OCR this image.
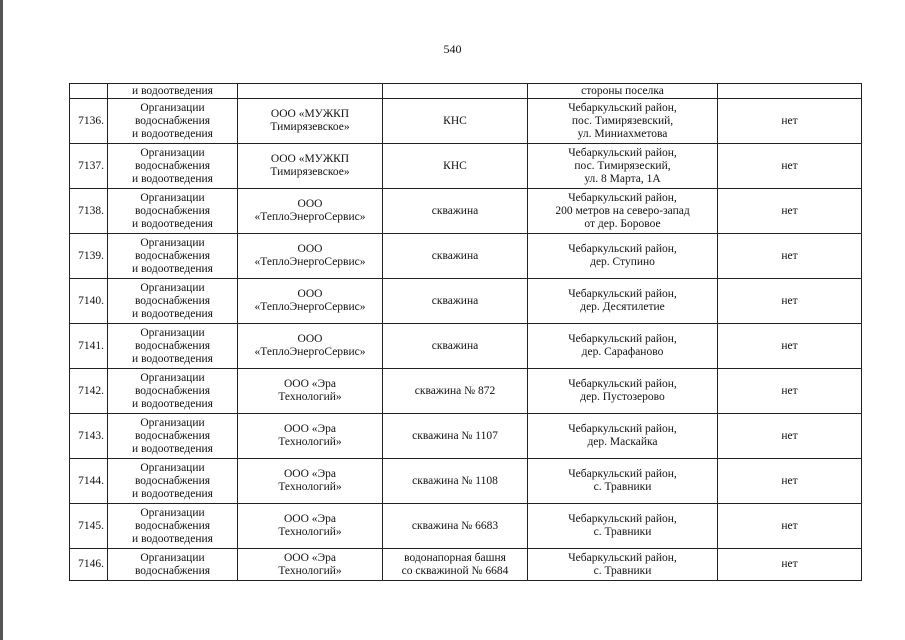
540
	и водоотведения			стороны поселка	
7136.	Организации
водоснабжения
и водоотведения	ООО «МУЖКП
Тимирязевское»	КНС	Чебаркульский район,
пос. Тимирязевский,
ул. Миниахметова	нет
7137.	Организации
водоснабжения
и водоотведения	ООО «МУЖКП
Тимирязевское»	КНС	Чебаркульский район,
пос. Тимирязеский,
ул. 8 Марта, 1А	нет
7138.	Организации
водоснабжения
и водоотведения	ООО
«ТеплоЭнергоСервис»	скважина	Чебаркульский район,
200 метров на северо-запад
от дер. Боровое	нет
7139.	Организации
водоснабжения
и водоотведения	ООО
«ТеплоЭнергоСервис»	скважина	Чебаркульский район,
дер. Ступино	нет
7140.	Организации
водоснабжения
и водоотведения	ООО
«ТеплоЭнергоСервис»	скважина	Чебаркульский район,
дер. Десятилетие	нет
7141.	Организации
водоснабжения
и водоотведения	ООО
«ТеплоЭнергоСервис»	скважина	Чебаркульский район,
дер. Сарафаново	нет
7142.	Организации
водоснабжения
и водоотведения	ООО «Эра
Технологий»	скважина № 872	Чебаркульский район,
дер. Пустозерово	нет
7143.	Организации
водоснабжения
и водоотведения	ООО «Эра
Технологий»	скважина № 1107	Чебаркульский район,
дер. Маскайка	нет
7144.	Организации
водоснабжения
и водоотведения	ООО «Эра
Технологий»	скважина № 1108	Чебаркульский район,
с. Травники	нет
7145.	Организации
водоснабжения
и водоотведения	ООО «Эра
Технологий»	скважина № 6683	Чебаркульский район,
с. Травники	нет
7146.	Организации
водоснабжения	ООО «Эра
Технологий»	водонапорная башня
со скважиной № 6684	Чебаркульский район,
с. Травники	нет
